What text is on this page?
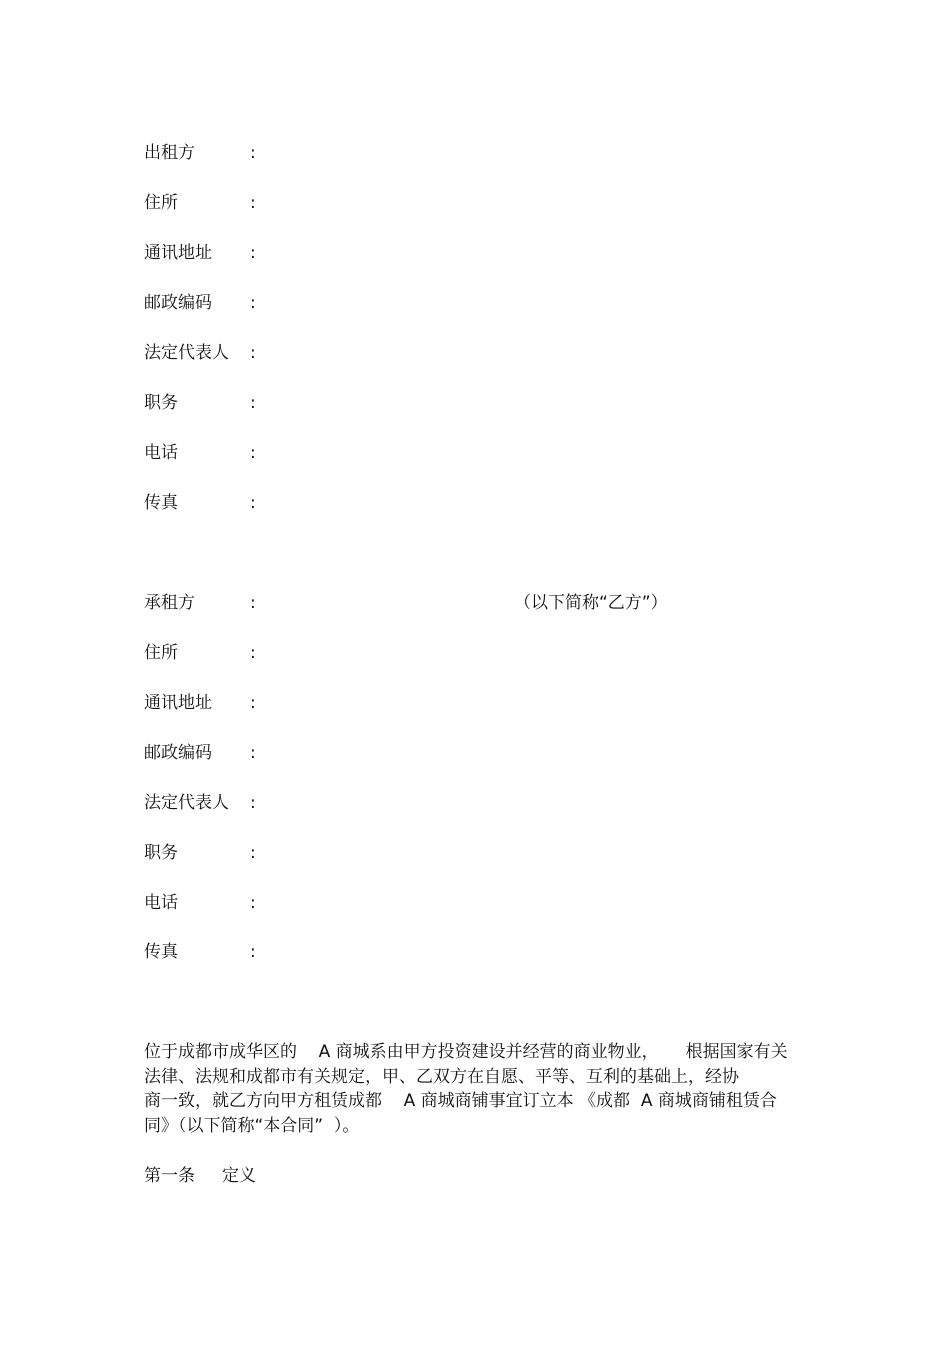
出租方	:
住所	:
通讯地址 :
邮政编码 :
法定代表人 :
职务	:
电话	:
传真	:
承租方	:	（以下简称“乙方”）
住所	:
通讯地址 :
邮政编码 :
法定代表人 :
职务	:
电话	:
传真	:
位于成都市成华区的    A 商城系由甲方投资建设并经营的商业物业，     根据国家有关
法律、法规和成都市有关规定，甲、乙双方在自愿、平等、互利的基础上，经协
商一致，就乙方向甲方租赁成都    A 商城商铺事宜订立本 《成都  A 商城商铺租赁合
同》（以下简称“本合同”  ）。
第一条     定义
